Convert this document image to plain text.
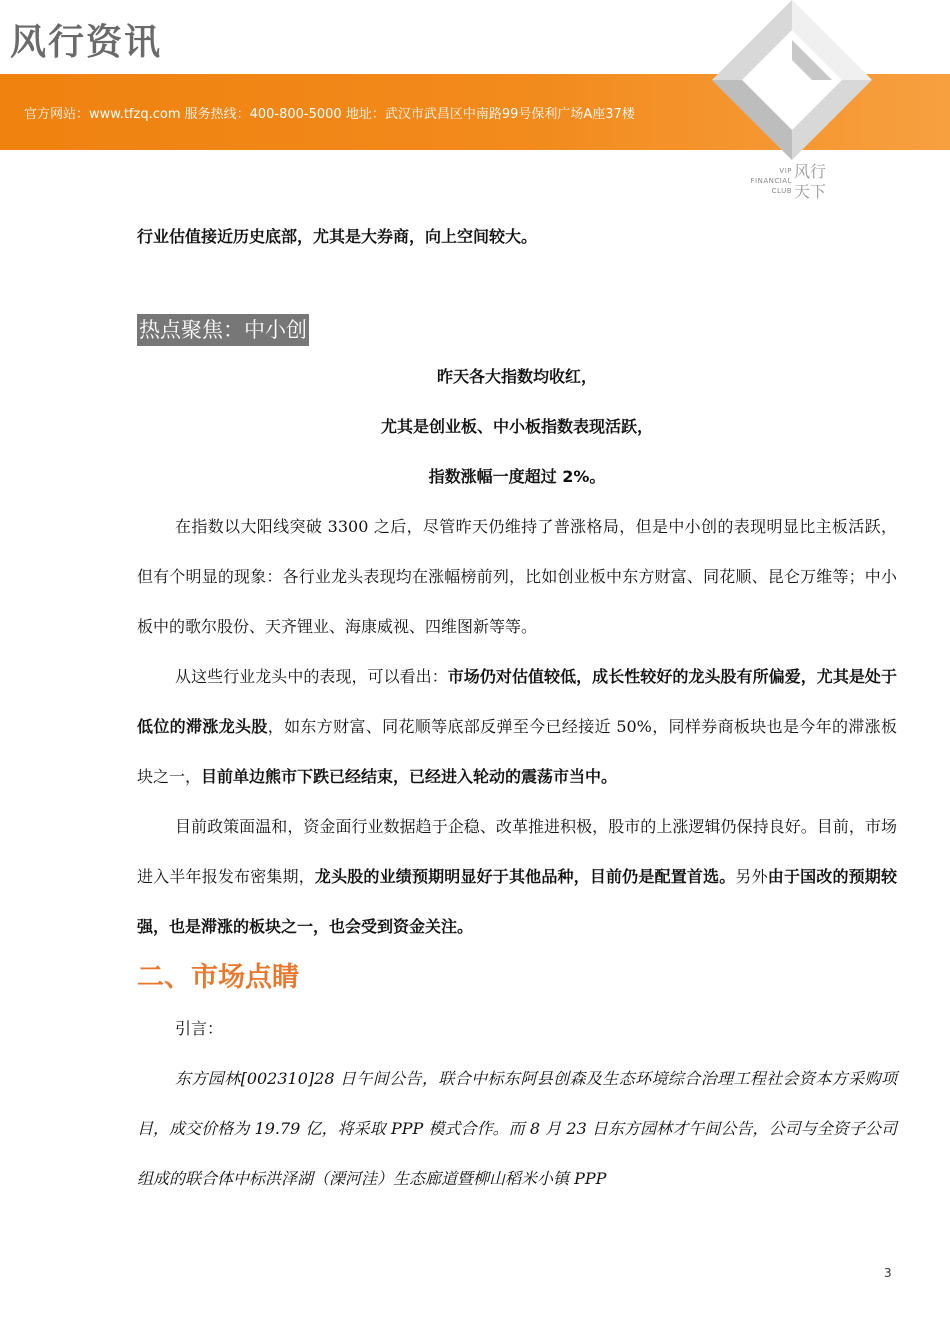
风行资讯
官方网站：www.tfzq.com 服务热线：400-800-5000 地址：武汉市武昌区中南路99号保利广场A座37楼
VIP
FINANCIAL
CLUB
风行天下

行业估值接近历史底部，尤其是大券商，向上空间较大。

热点聚焦：中小创

昨天各大指数均收红，

尤其是创业板、中小板指数表现活跃，

指数涨幅一度超过 2%。

在指数以大阳线突破 3300 之后，尽管昨天仍维持了普涨格局，但是中小创的表现明显比主板活跃，但有个明显的现象：各行业龙头表现均在涨幅榜前列，比如创业板中东方财富、同花顺、昆仑万维等；中小板中的歌尔股份、天齐锂业、海康威视、四维图新等等。

从这些行业龙头中的表现，可以看出：市场仍对估值较低，成长性较好的龙头股有所偏爱，尤其是处于低位的滞涨龙头股，如东方财富、同花顺等底部反弹至今已经接近 50%，同样券商板块也是今年的滞涨板块之一，目前单边熊市下跌已经结束，已经进入轮动的震荡市当中。

目前政策面温和，资金面行业数据趋于企稳、改革推进积极，股市的上涨逻辑仍保持良好。目前，市场进入半年报发布密集期，龙头股的业绩预期明显好于其他品种，目前仍是配置首选。另外由于国改的预期较强，也是滞涨的板块之一，也会受到资金关注。

二、市场点睛

引言：

东方园林[002310]28 日午间公告，联合中标东阿县创森及生态环境综合治理工程社会资本方采购项目，成交价格为 19.79 亿，将采取 PPP 模式合作。而 8 月 23 日东方园林才午间公告，公司与全资子公司组成的联合体中标洪泽湖（溧河洼）生态廊道暨柳山稻米小镇 PPP

3
